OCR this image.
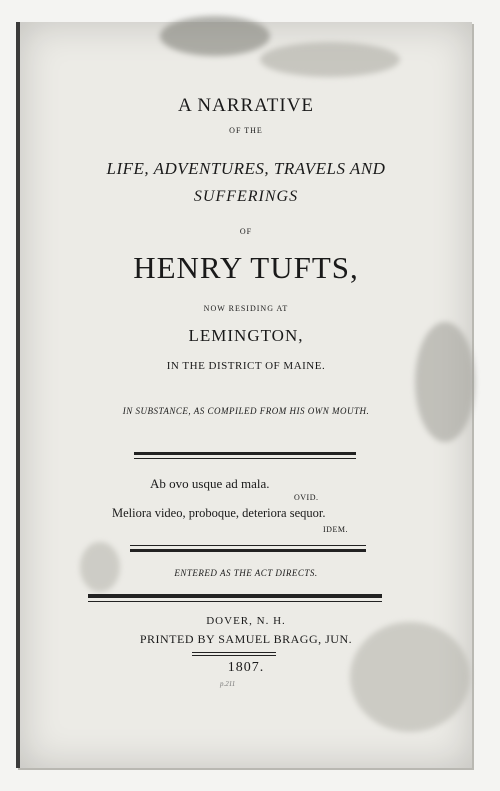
A NARRATIVE
OF THE
LIFE, ADVENTURES, TRAVELS AND
SUFFERINGS
OF
HENRY TUFTS,
NOW RESIDING AT
LEMINGTON,
IN THE DISTRICT OF MAINE.
IN SUBSTANCE, AS COMPILED FROM HIS OWN MOUTH.
Ab ovo usque ad mala.
OVID.
Meliora video, proboque, deteriora sequor.
IDEM.
ENTERED AS THE ACT DIRECTS.
DOVER, N. H.
PRINTED BY SAMUEL BRAGG, JUN.
1807.
p.211
